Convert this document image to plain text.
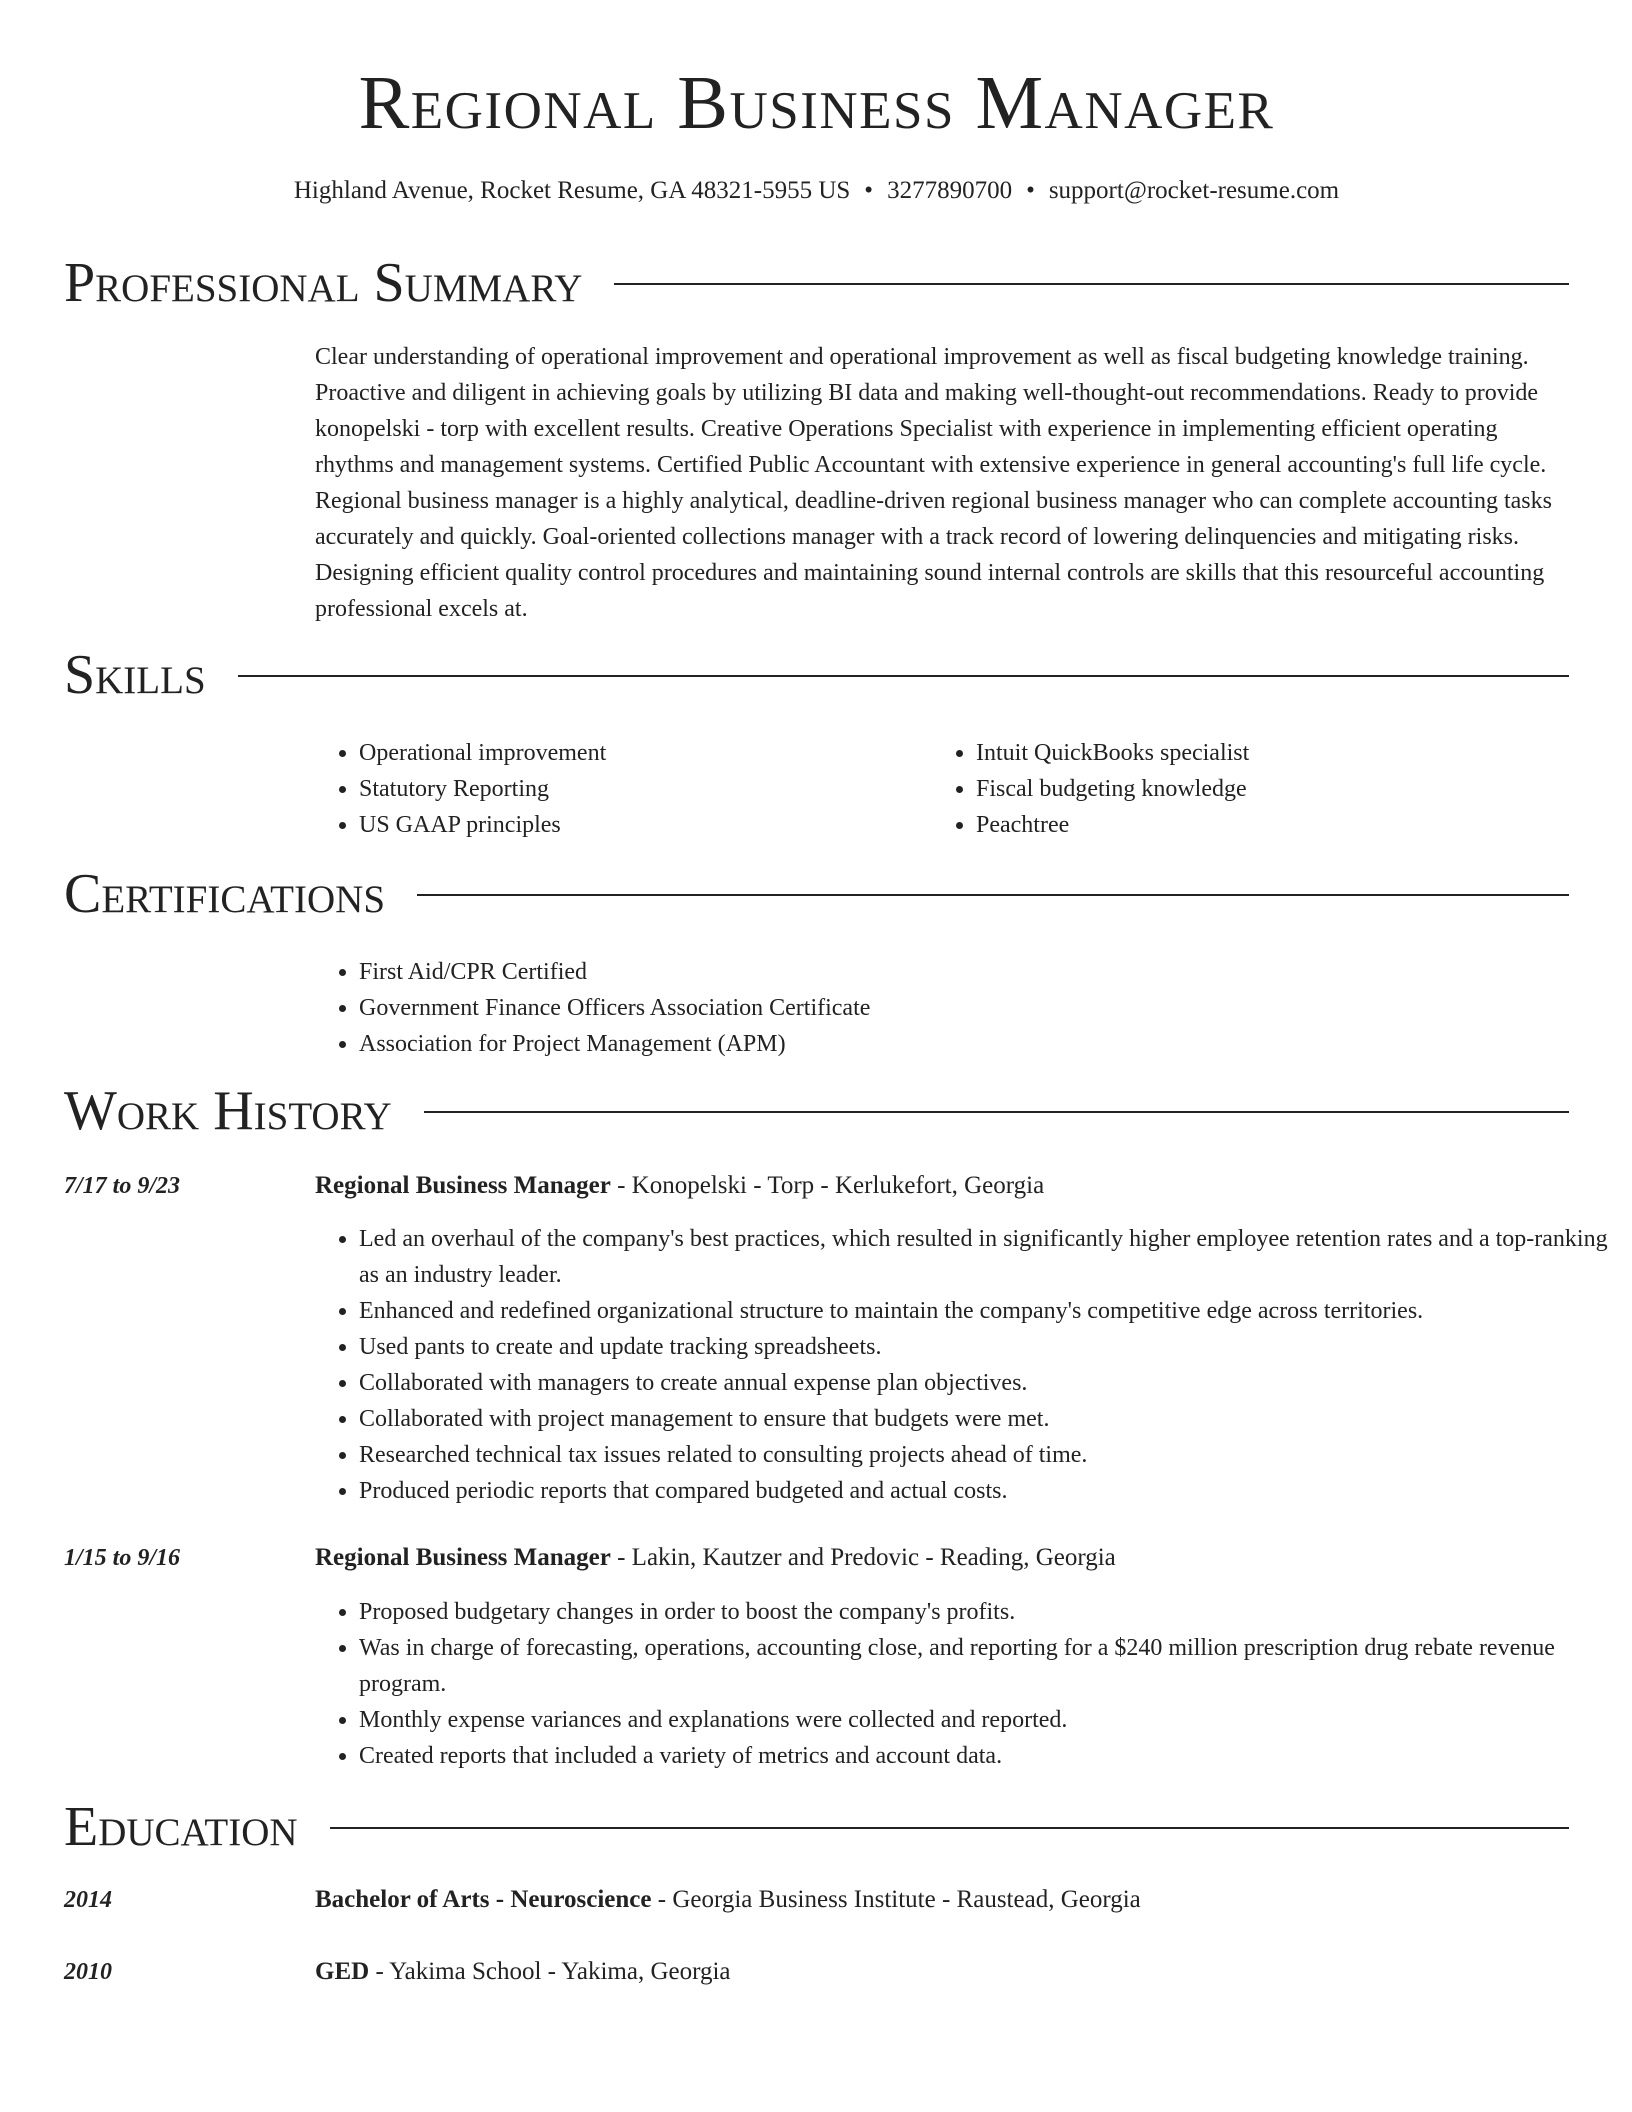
Regional Business Manager
Highland Avenue, Rocket Resume, GA 48321-5955 US • 3277890700 • support@rocket-resume.com
Professional Summary
Clear understanding of operational improvement and operational improvement as well as fiscal budgeting knowledge training. Proactive and diligent in achieving goals by utilizing BI data and making well-thought-out recommendations. Ready to provide konopelski - torp with excellent results. Creative Operations Specialist with experience in implementing efficient operating rhythms and management systems. Certified Public Accountant with extensive experience in general accounting's full life cycle. Regional business manager is a highly analytical, deadline-driven regional business manager who can complete accounting tasks accurately and quickly. Goal-oriented collections manager with a track record of lowering delinquencies and mitigating risks. Designing efficient quality control procedures and maintaining sound internal controls are skills that this resourceful accounting professional excels at.
Skills
• Operational improvement
• Statutory Reporting
• US GAAP principles
• Intuit QuickBooks specialist
• Fiscal budgeting knowledge
• Peachtree
Certifications
• First Aid/CPR Certified
• Government Finance Officers Association Certificate
• Association for Project Management (APM)
Work History
7/17 to 9/23	Regional Business Manager - Konopelski - Torp - Kerlukefort, Georgia
• Led an overhaul of the company's best practices, which resulted in significantly higher employee retention rates and a top-ranking as an industry leader.
• Enhanced and redefined organizational structure to maintain the company's competitive edge across territories.
• Used pants to create and update tracking spreadsheets.
• Collaborated with managers to create annual expense plan objectives.
• Collaborated with project management to ensure that budgets were met.
• Researched technical tax issues related to consulting projects ahead of time.
• Produced periodic reports that compared budgeted and actual costs.
1/15 to 9/16	Regional Business Manager - Lakin, Kautzer and Predovic - Reading, Georgia
• Proposed budgetary changes in order to boost the company's profits.
• Was in charge of forecasting, operations, accounting close, and reporting for a $240 million prescription drug rebate revenue program.
• Monthly expense variances and explanations were collected and reported.
• Created reports that included a variety of metrics and account data.
Education
2014	Bachelor of Arts - Neuroscience - Georgia Business Institute - Raustead, Georgia
2010	GED - Yakima School - Yakima, Georgia
